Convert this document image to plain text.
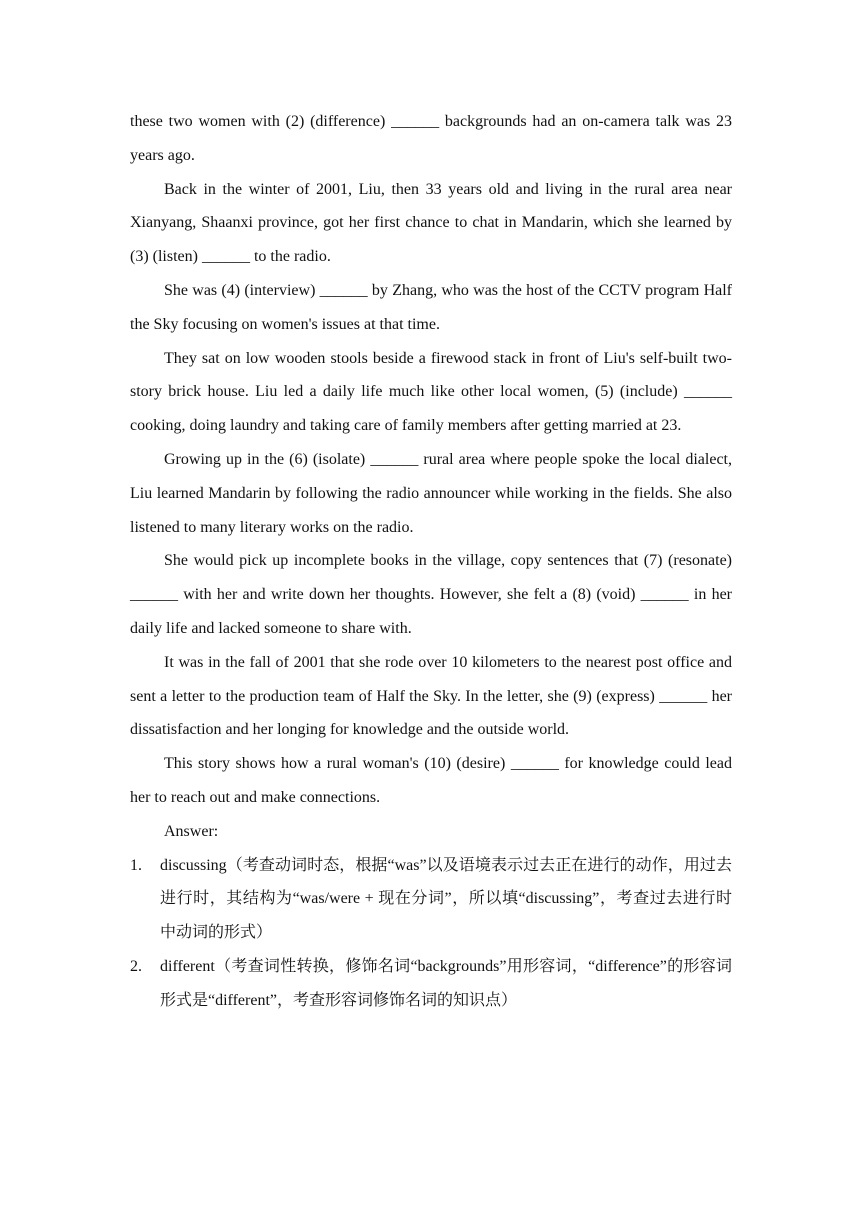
these two women with (2) (difference) ______ backgrounds had an on-camera talk was 23 years ago.

Back in the winter of 2001, Liu, then 33 years old and living in the rural area near Xianyang, Shaanxi province, got her first chance to chat in Mandarin, which she learned by (3) (listen) ______ to the radio.

She was (4) (interview) ______ by Zhang, who was the host of the CCTV program Half the Sky focusing on women's issues at that time.

They sat on low wooden stools beside a firewood stack in front of Liu's self-built two-story brick house. Liu led a daily life much like other local women, (5) (include) ______ cooking, doing laundry and taking care of family members after getting married at 23.

Growing up in the (6) (isolate) ______ rural area where people spoke the local dialect, Liu learned Mandarin by following the radio announcer while working in the fields. She also listened to many literary works on the radio.

She would pick up incomplete books in the village, copy sentences that (7) (resonate) ______ with her and write down her thoughts. However, she felt a (8) (void) ______ in her daily life and lacked someone to share with.

It was in the fall of 2001 that she rode over 10 kilometers to the nearest post office and sent a letter to the production team of Half the Sky. In the letter, she (9) (express) ______ her dissatisfaction and her longing for knowledge and the outside world.

This story shows how a rural woman's (10) (desire) ______ for knowledge could lead her to reach out and make connections.

Answer:

1. discussing（考查动词时态，根据“was”以及语境表示过去正在进行的动作，用过去进行时，其结构为“was/were + 现在分词”，所以填“discussing”，考查过去进行时中动词的形式）
2. different（考查词性转换，修饰名词“backgrounds”用形容词，“difference”的形容词形式是“different”，考查形容词修饰名词的知识点）
